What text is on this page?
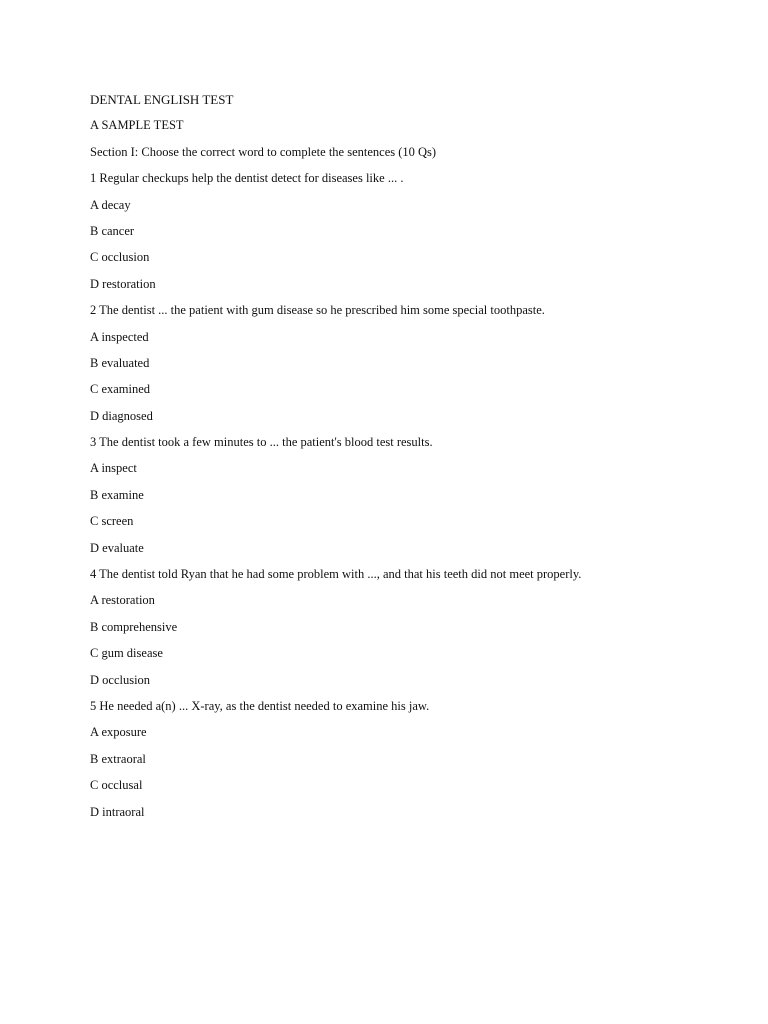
DENTAL ENGLISH TEST
A SAMPLE TEST
Section I: Choose the correct word to complete the sentences (10 Qs)
1 Regular checkups help the dentist detect for diseases like ... .
A decay
B cancer
C occlusion
D restoration
2 The dentist ... the patient with gum disease so he prescribed him some special toothpaste.
A inspected
B evaluated
C examined
D diagnosed
3 The dentist took a few minutes to ... the patient's blood test results.
A inspect
B examine
C screen
D evaluate
4 The dentist told Ryan that he had some problem with ..., and that his teeth did not meet properly.
A restoration
B comprehensive
C gum disease
D occlusion
5 He needed a(n) ... X-ray, as the dentist needed to examine his jaw.
A exposure
B extraoral
C occlusal
D intraoral
